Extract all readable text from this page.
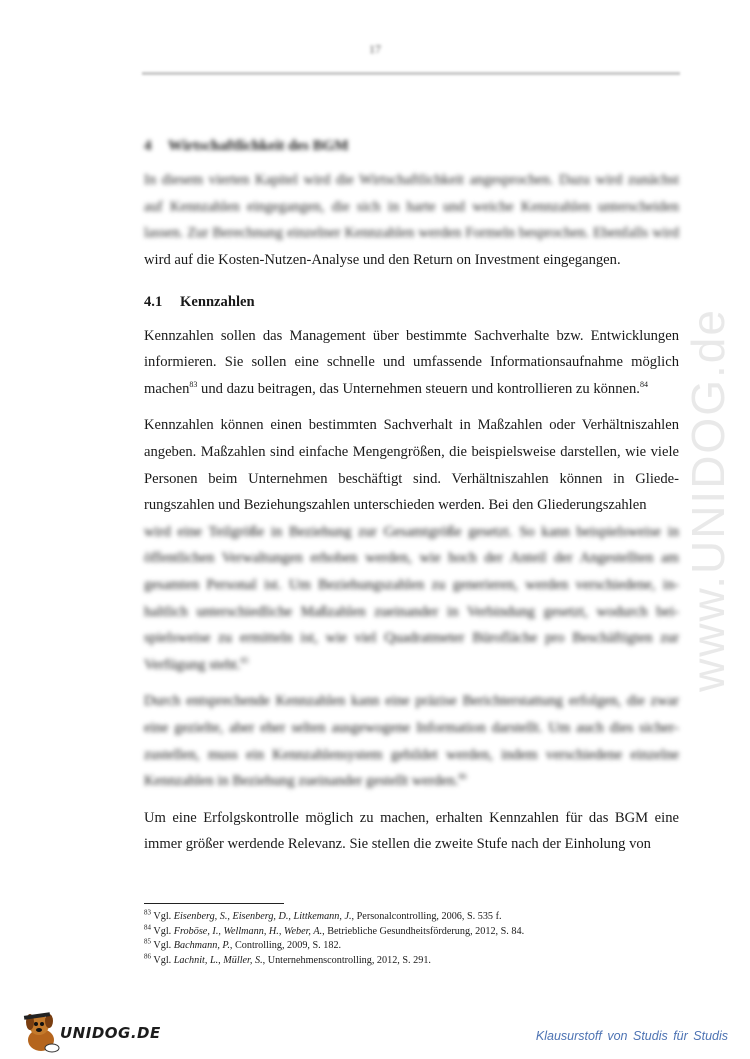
17
www.UNIDOG.de
4 Wirtschaftlichkeit des BGM

In diesem vierten Kapitel wird die Wirtschaftlichkeit angesprochen. Dazu wird zunächst auf Kennzahlen eingegangen, die sich in harte und weiche Kennzahlen unterscheiden lassen. Zur Berechnung einzelner Kennzahlen werden Formeln besprochen. Ebenfalls wird

wird auf die Kosten-Nutzen-Analyse und den Return on Investment eingegangen.

4.1 Kennzahlen

Kennzahlen sollen das Management über bestimmte Sachverhalte bzw. Entwicklungen informieren. Sie sollen eine schnelle und umfassende Informationsaufnahme möglich machen$^{83}$ und dazu beitragen, das Unternehmen steuern und kontrollieren zu können.$^{84}$

Kennzahlen können einen bestimmten Sachverhalt in Maßzahlen oder Verhältniszahlen angeben. Maßzahlen sind einfache Mengengrößen, die beispielsweise darstellen, wie viele Personen beim Unternehmen beschäftigt sind. Verhältniszahlen können in Gliederungszahlen und Beziehungszahlen unterschieden werden. Bei den Gliederungszahlen

wird eine Teilgröße in Beziehung zur Gesamtgröße gesetzt. So kann beispielsweise in öffentlichen Verwaltungen erhoben werden, wie hoch der Anteil der Angestellten am gesamten Personal ist. Um Beziehungszahlen zu generieren, werden verschiedene, inhaltlich unterschiedliche Maßzahlen zueinander in Verbindung gesetzt, wodurch beispielsweise zu ermitteln ist, wie viel Quadratmeter Bürofläche pro Beschäftigten zur Verfügung steht.$^{85}$

Durch entsprechende Kennzahlen kann eine präzise Berichterstattung erfolgen, die zwar eine gezielte, aber eher selten ausgewogene Information darstellt. Um auch dies sicherzustellen, muss ein Kennzahlensystem gebildet werden, indem verschiedene einzelne Kennzahlen in Beziehung zueinander gestellt werden.$^{86}$

Um eine Erfolgskontrolle möglich zu machen, erhalten Kennzahlen für das BGM eine immer größer werdende Relevanz. Sie stellen die zweite Stufe nach der Einholung von

$^{83}$ Vgl. Eisenberg, S., Eisenberg, D., Littkemann, J., Personalcontrolling, 2006, S. 535 f.
$^{84}$ Vgl. Froböse, I., Wellmann, H., Weber, A., Betriebliche Gesundheitsförderung, 2012, S. 84.
$^{85}$ Vgl. Bachmann, P., Controlling, 2009, S. 182.
$^{86}$ Vgl. Lachnit, L., Müller, S., Unternehmenscontrolling, 2012, S. 291.
UNIDOG.DE	Klausurstoff von Studis für Studis
